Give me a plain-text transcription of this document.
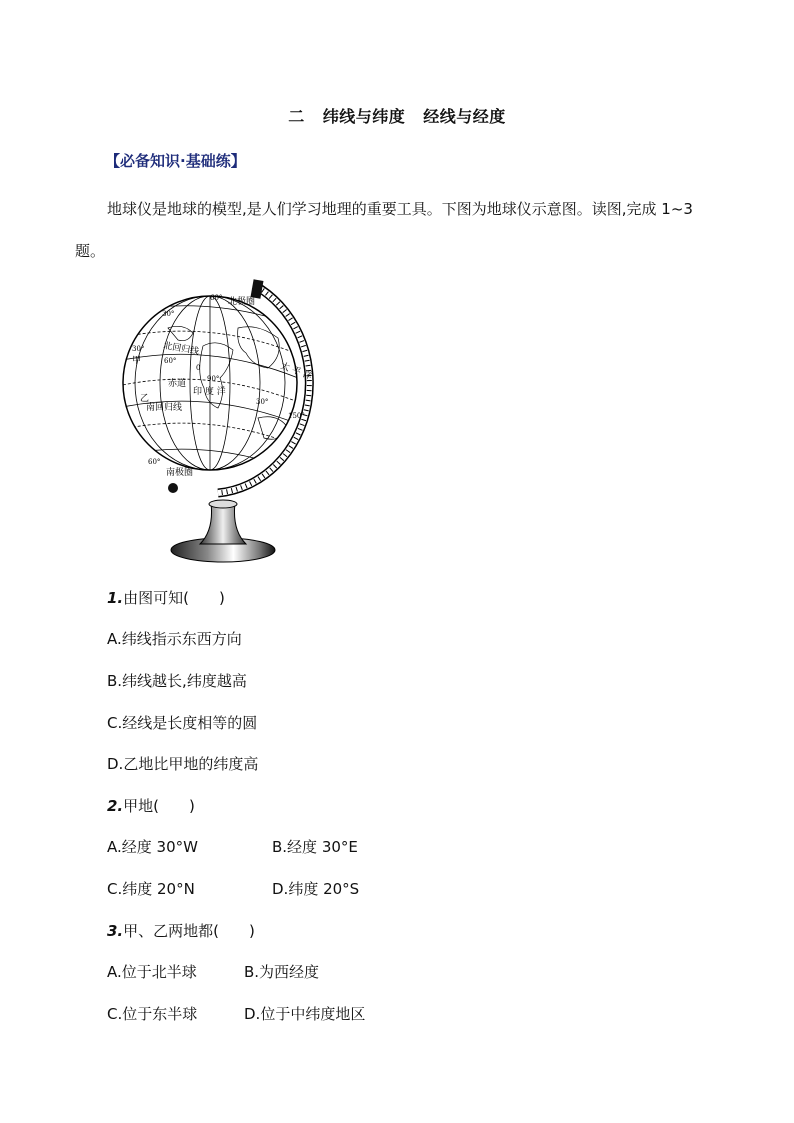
二 纬线与纬度 经线与经度
【必备知识·基础练】
地球仪是地球的模型,是人们学习地理的重要工具。下图为地球仪示意图。读图,完成 1~3 题。
北极圈
北回归线
赤道
印 度 洋
南回归线
南极圈
太 平 洋
甲
乙
60°
30°
30°
60°
0
90°
60°
150°
30°
1.由图可知(　　)
A.纬线指示东西方向
B.纬线越长,纬度越高
C.经线是长度相等的圆
D.乙地比甲地的纬度高
2.甲地(　　)
A.经度 30°W	B.经度 30°E
C.纬度 20°N	D.纬度 20°S
3.甲、乙两地都(　　)
A.位于北半球	B.为西经度
C.位于东半球	D.位于中纬度地区
